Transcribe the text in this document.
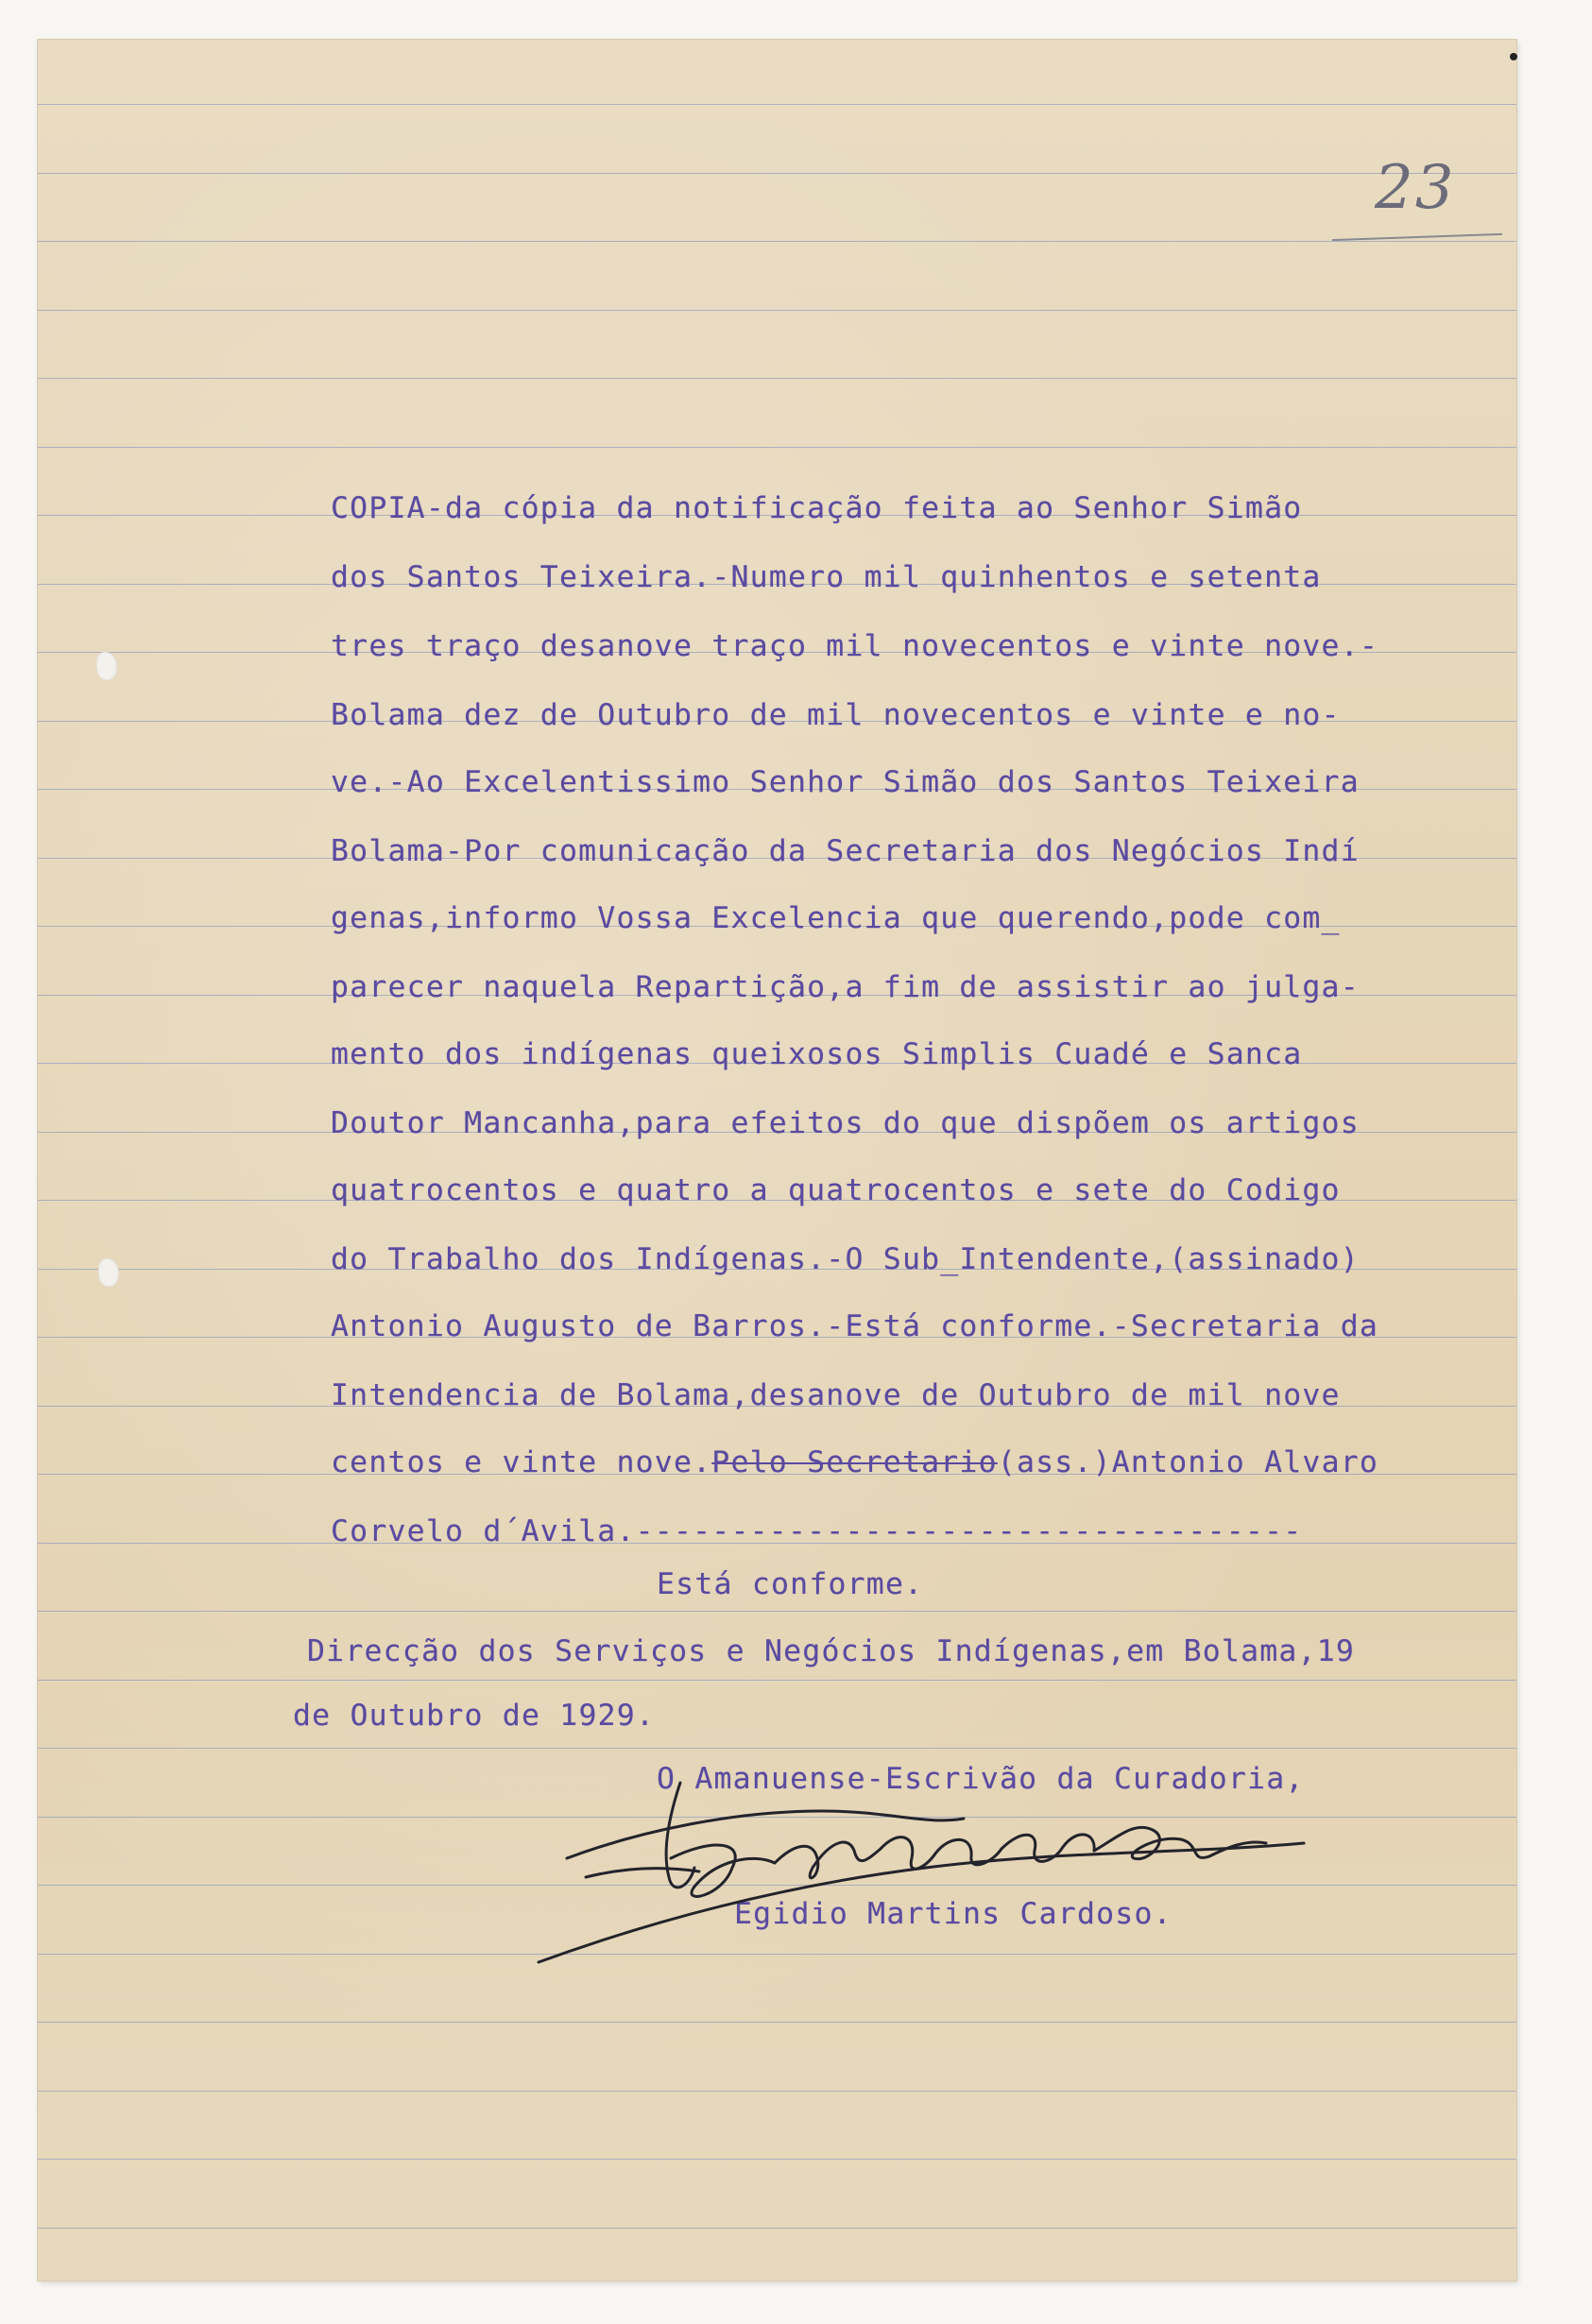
23

COPIA-da cópia da notificação feita ao Senhor Simão

dos Santos Teixeira.-Numero mil quinhentos e setenta

tres traço desanove traço mil novecentos e vinte nove.-

Bolama dez de Outubro de mil novecentos e vinte e no-

ve.-Ao Excelentissimo Senhor Simão dos Santos Teixeira

Bolama-Por comunicação da Secretaria dos Negócios Indí

genas,informo Vossa Excelencia que querendo,pode com_

parecer naquela Repartição,a fim de assistir ao julga-

mento dos indígenas queixosos Simplis Cuadé e Sanca

Doutor Mancanha,para efeitos do que dispõem os artigos

quatrocentos e quatro a quatrocentos e sete do Codigo

do Trabalho dos Indígenas.-O Sub_Intendente,(assinado)

Antonio Augusto de Barros.-Está conforme.-Secretaria da

Intendencia de Bolama,desanove de Outubro de mil nove

centos e vinte nove.Pelo Secretario(ass.)Antonio Alvaro

Corvelo d´Avila.-----------------------------------

Está conforme.
Direcção dos Serviços e Negócios Indígenas,em Bolama,19
de Outubro de 1929.
O Amanuense-Escrivão da Curadoria,
Egidio Martins Cardoso.
